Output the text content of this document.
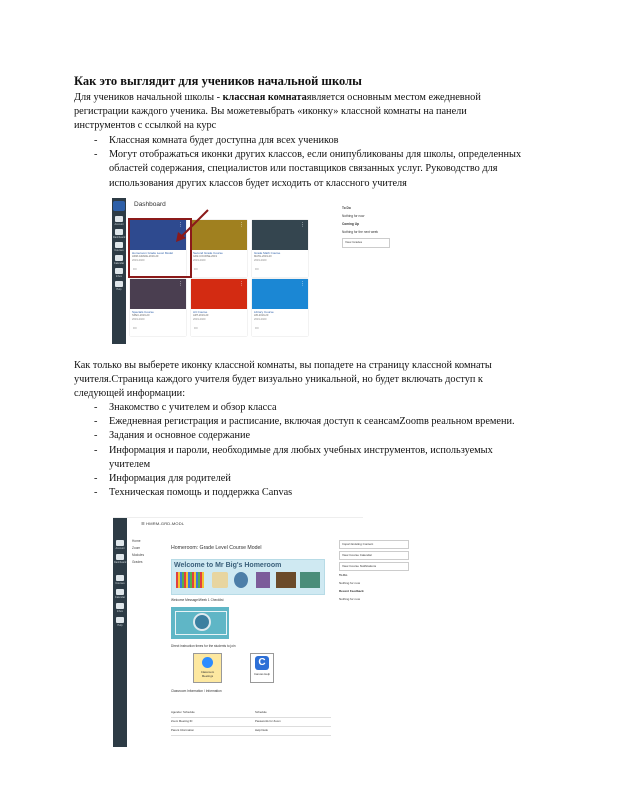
Как это выглядит для учеников начальной школы
Для учеников начальной школы - классная комнатаявляется основным местом ежедневной
регистрации каждого ученика. Вы можетевыбрать «иконку» классной комнаты на панели
инструментов с ссылкой на курс
- Классная комната будет доступна для всех учеников
- Могут отображаться иконки других классов, если онипубликованы для школы, определенных областей содержания, специалистов или поставщиков связанных услуг. Руководство для использования других классов будет исходить от классного учителя
Account
Dashboard
Courses
Calendar
Inbox
Help
Dashboard
⋮
Homeroom Grade Level Model
HRM-GRADE-2019-20
2019-2020
▭
⋮
Second Grade Course
GR2-COURSE-2019
2019-2020
▭
⋮
Grade Math Course
MATH-2019-20
2019-2020
▭
⋮
Specials Course
SPEC-2019-20
2019-2020
▭
⋮
Art Course
ART-2019-20
2019-2020
▭
⋮
Library Course
LIB-2019-20
2019-2020
▭
To Do
Nothing for now
Coming Up
Nothing for the next week
View Grades
Как только вы выберете иконку классной комнаты, вы попадете на страницу классной комнаты
учителя.Страница каждого учителя будет визуально уникальной, но будет включать доступ к
следующей информации:
- Знакомство с учителем и обзор класса
- Ежедневная регистрация и расписание, включая доступ к сеансамZoomв реальном времени.
- Задания и основное содержание
- Информация и пароли, необходимые для любых учебных инструментов, используемых учителем
- Информация для родителей
- Техническая помощь и поддержка Canvas
Account
Dashboard
Courses
Calendar
Inbox
Help
☰ HMRM-GRD-MODL
Home
Zoom
Modules
Grades
Homeroom: Grade Level Course Model
Welcome to Mr Big's Homeroom
Welcome Message/Week 1 Checklist
Direct instruction times for the students to join
Classroom Meetings
C
Canvas Help
Classroom Information / Information
Agenda / Schedule	Schedule
Zoom Meeting ID	Passwords for Zoom
Parent Information	Help Desk
Import Existing Content
View Course Calendar
View Course Notifications
To Do
Nothing for now
Recent Feedback
Nothing for now
